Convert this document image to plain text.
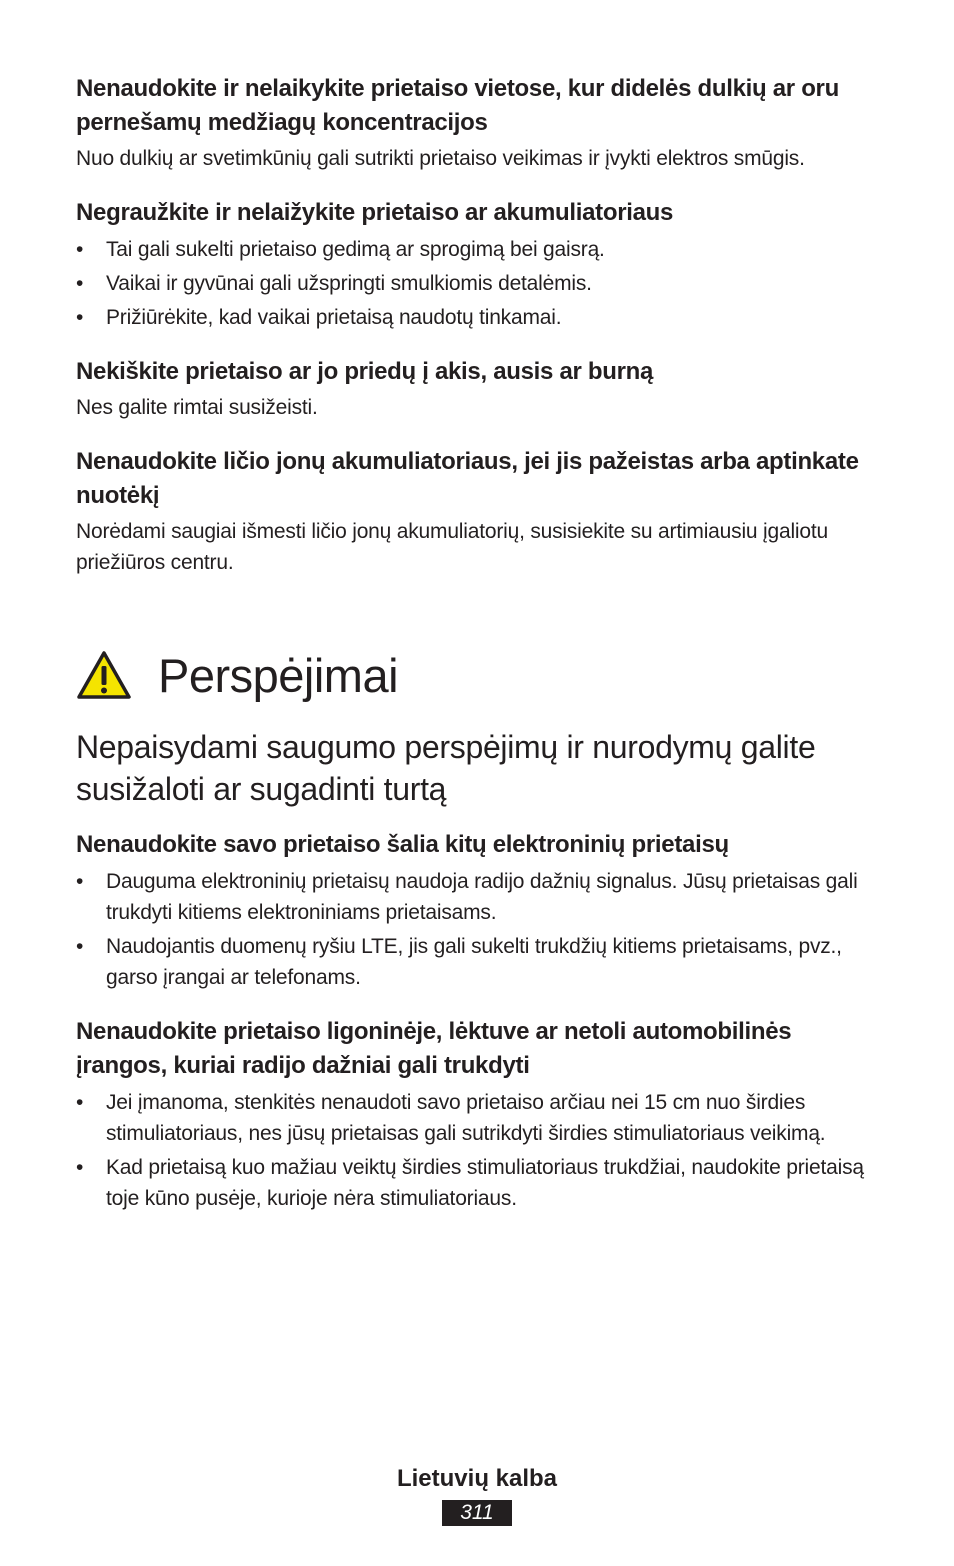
Nenaudokite ir nelaikykite prietaiso vietose, kur didelės dulkių ar oru pernešamų medžiagų koncentracijos

Nuo dulkių ar svetimkūnių gali sutrikti prietaiso veikimas ir įvykti elektros smūgis.

Negraužkite ir nelaižykite prietaiso ar akumuliatoriaus

• Tai gali sukelti prietaiso gedimą ar sprogimą bei gaisrą.
• Vaikai ir gyvūnai gali užspringti smulkiomis detalėmis.
• Prižiūrėkite, kad vaikai prietaisą naudotų tinkamai.

Nekiškite prietaiso ar jo priedų į akis, ausis ar burną

Nes galite rimtai susižeisti.

Nenaudokite ličio jonų akumuliatoriaus, jei jis pažeistas arba aptinkate nuotėkį

Norėdami saugiai išmesti ličio jonų akumuliatorių, susisiekite su artimiausiu įgaliotu priežiūros centru.

Perspėjimai
Nepaisydami saugumo perspėjimų ir nurodymų galite susižaloti ar sugadinti turtą

Nenaudokite savo prietaiso šalia kitų elektroninių prietaisų

• Dauguma elektroninių prietaisų naudoja radijo dažnių signalus. Jūsų prietaisas gali trukdyti kitiems elektroniniams prietaisams.
• Naudojantis duomenų ryšiu LTE, jis gali sukelti trukdžių kitiems prietaisams, pvz., garso įrangai ar telefonams.

Nenaudokite prietaiso ligoninėje, lėktuve ar netoli automobilinės įrangos, kuriai radijo dažniai gali trukdyti

• Jei įmanoma, stenkitės nenaudoti savo prietaiso arčiau nei 15 cm nuo širdies stimuliatoriaus, nes jūsų prietaisas gali sutrikdyti širdies stimuliatoriaus veikimą.
• Kad prietaisą kuo mažiau veiktų širdies stimuliatoriaus trukdžiai, naudokite prietaisą toje kūno pusėje, kurioje nėra stimuliatoriaus.
Lietuvių kalba
311
